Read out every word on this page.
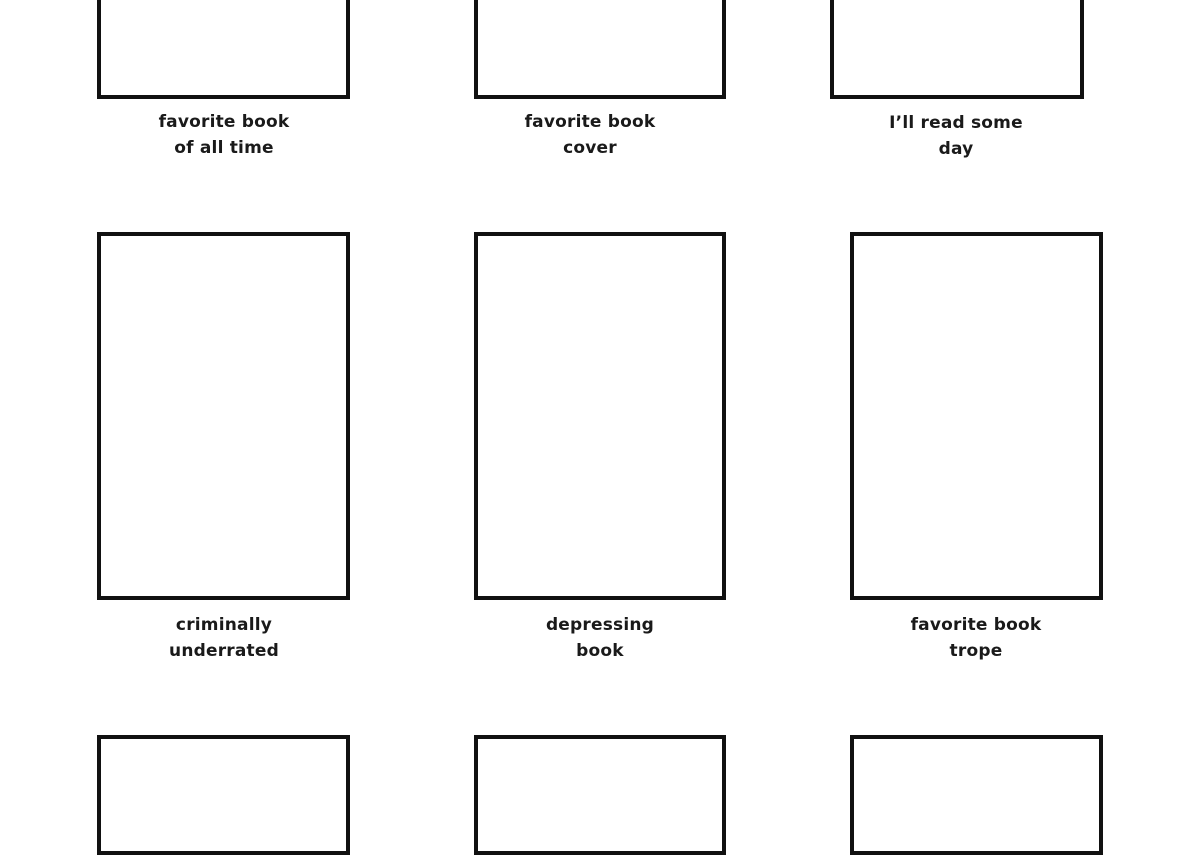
favorite book
of all time
favorite book
cover
I’ll read some
day
criminally
underrated
depressing
book
favorite book
trope
